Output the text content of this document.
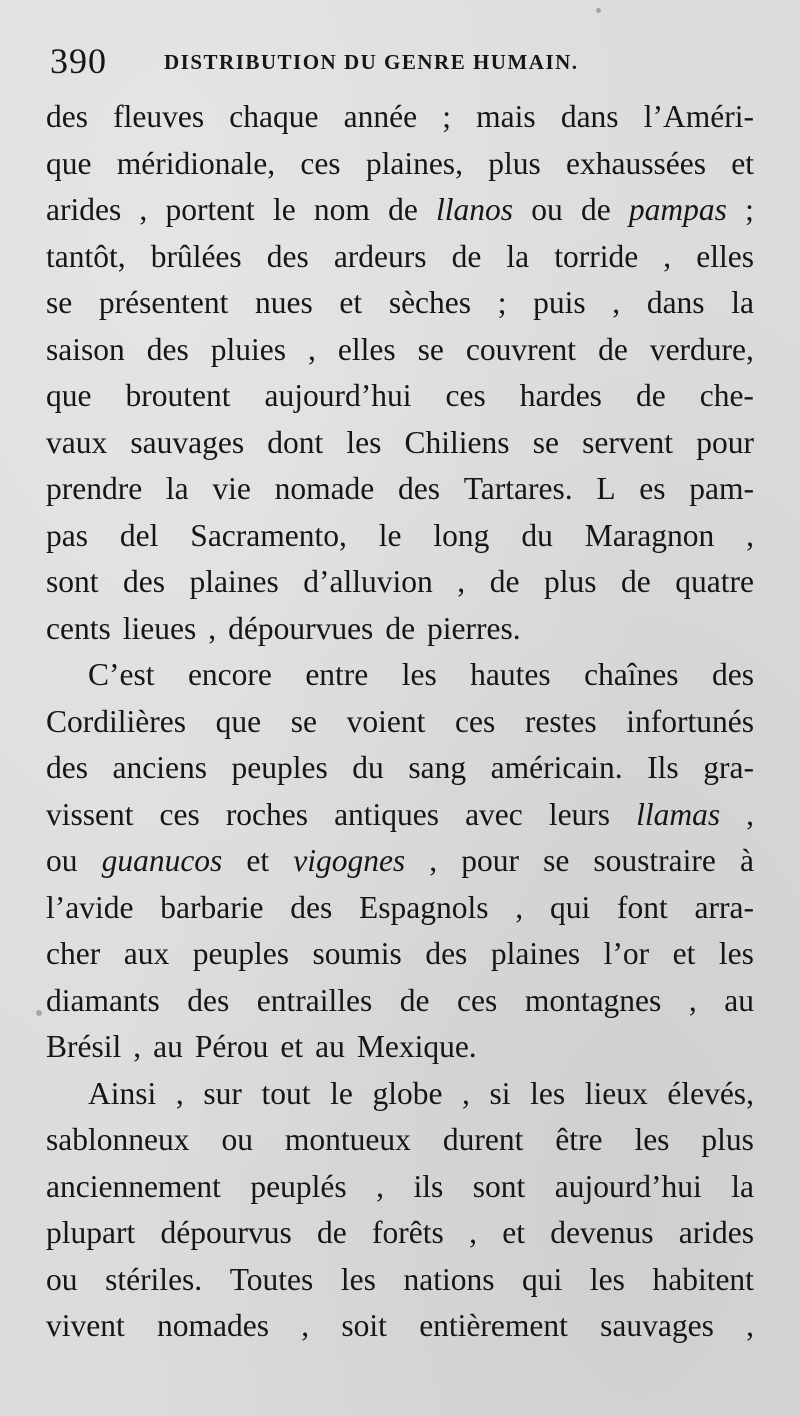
390	DISTRIBUTION DU GENRE HUMAIN.
des fleuves chaque année ; mais dans l’Améri-
que méridionale, ces plaines, plus exhaussées et
arides , portent le nom de llanos ou de pampas ;
tantôt, brûlées des ardeurs de la torride , elles
se présentent nues et sèches ; puis , dans la
saison des pluies , elles se couvrent de verdure,
que broutent aujourd’hui ces hardes de che-
vaux sauvages dont les Chiliens se servent pour
prendre la vie nomade des Tartares. L es pam-
pas del Sacramento, le long du Maragnon ,
sont des plaines d’alluvion , de plus de quatre
cents lieues , dépourvues de pierres.
C’est encore entre les hautes chaînes des
Cordilières que se voient ces restes infortunés
des anciens peuples du sang américain. Ils gra-
vissent ces roches antiques avec leurs llamas ,
ou guanucos et vigognes , pour se soustraire à
l’avide barbarie des Espagnols , qui font arra-
cher aux peuples soumis des plaines l’or et les
diamants des entrailles de ces montagnes , au
Brésil , au Pérou et au Mexique.
Ainsi , sur tout le globe , si les lieux élevés,
sablonneux ou montueux durent être les plus
anciennement peuplés , ils sont aujourd’hui la
plupart dépourvus de forêts , et devenus arides
ou stériles. Toutes les nations qui les habitent
vivent nomades , soit entièrement sauvages ,
